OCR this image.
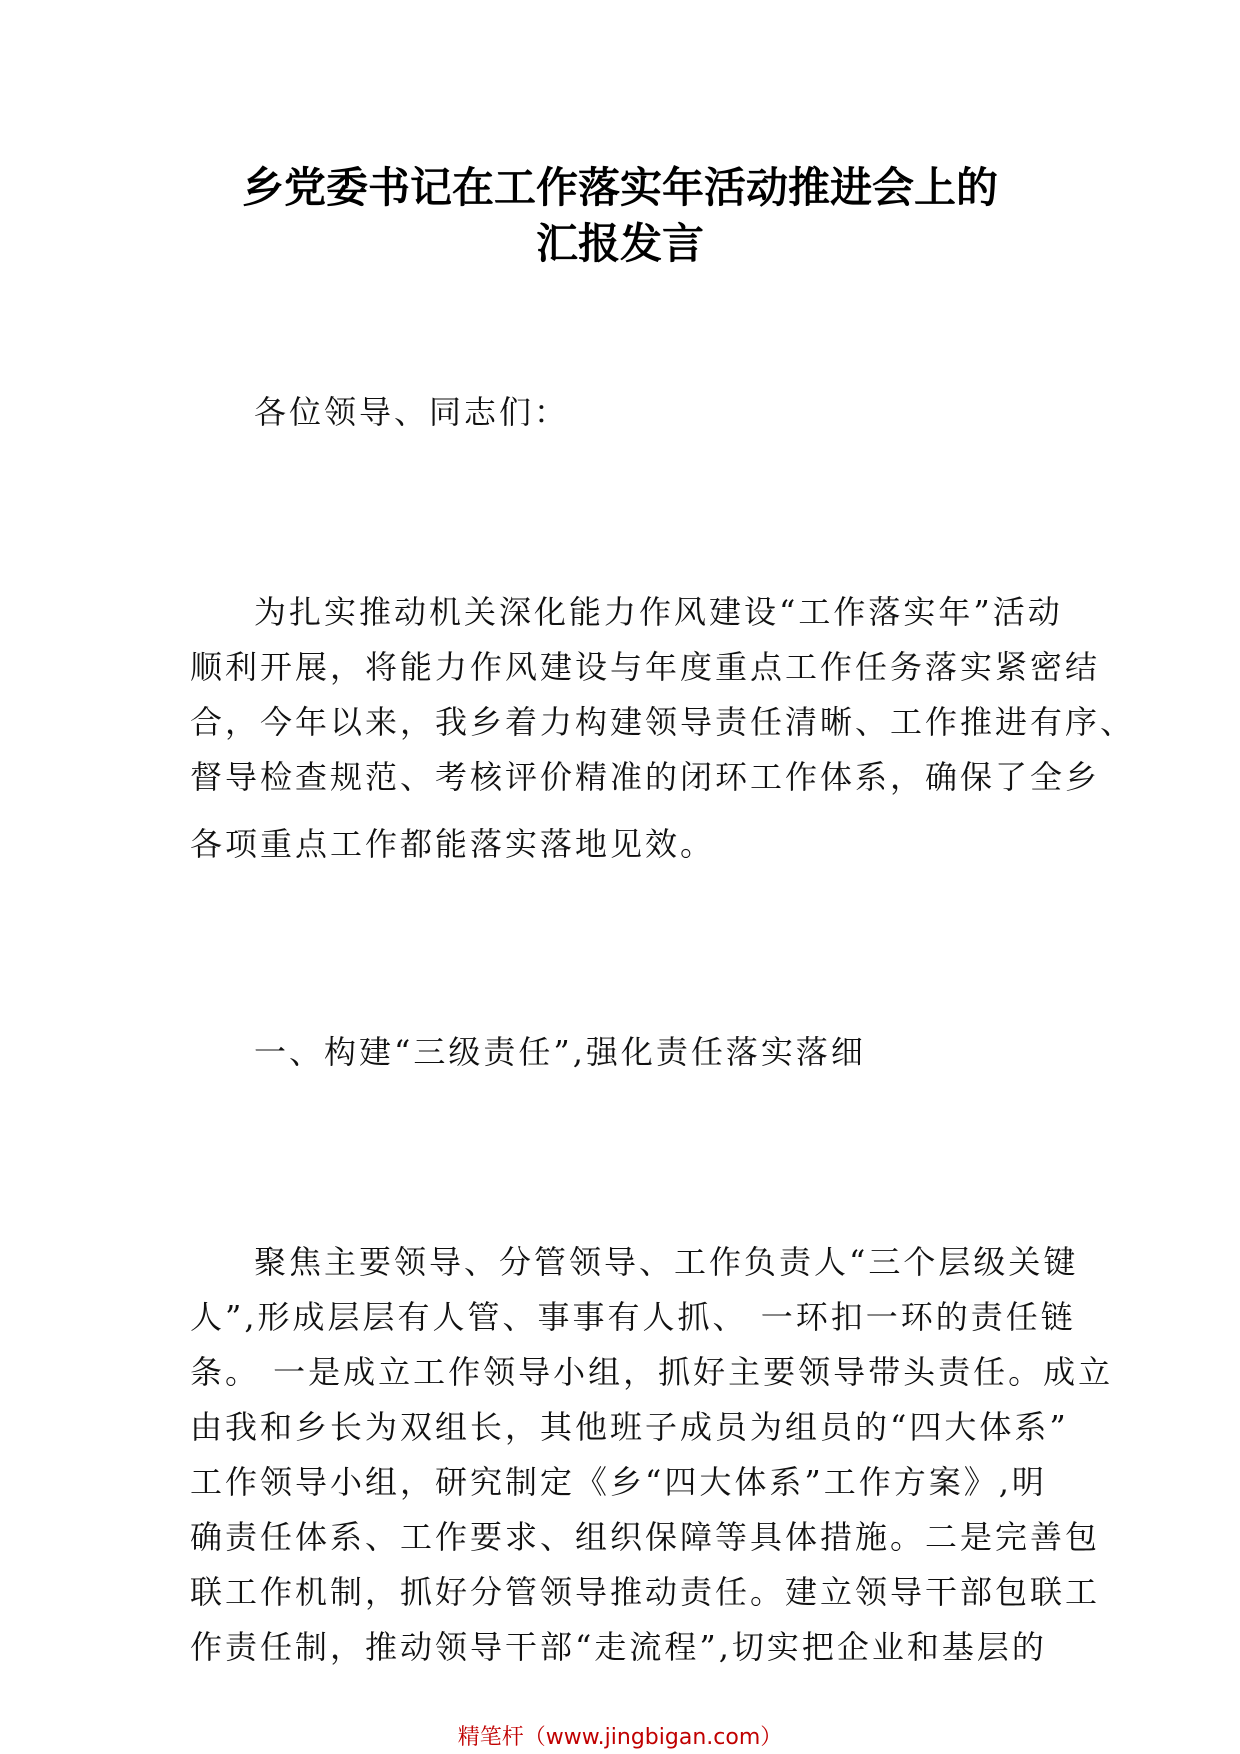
乡党委书记在工作落实年活动推进会上的
汇报发言
各位领导、同志们：
为扎实推动机关深化能力作风建设“工作落实年”活动
顺利开展，将能力作风建设与年度重点工作任务落实紧密结
合，今年以来，我乡着力构建领导责任清晰、工作推进有序、
督导检查规范、考核评价精准的闭环工作体系，确保了全乡
各项重点工作都能落实落地见效。
一、构建“三级责任”,强化责任落实落细
聚焦主要领导、分管领导、工作负责人“三个层级关键
人”,形成层层有人管、事事有人抓、 一环扣一环的责任链
条。 一是成立工作领导小组，抓好主要领导带头责任。成立
由我和乡长为双组长，其他班子成员为组员的“四大体系”
工作领导小组，研究制定《乡“四大体系”工作方案》,明
确责任体系、工作要求、组织保障等具体措施。二是完善包
联工作机制，抓好分管领导推动责任。建立领导干部包联工
作责任制，推动领导干部“走流程”,切实把企业和基层的
精笔杆（www.jingbigan.com）
